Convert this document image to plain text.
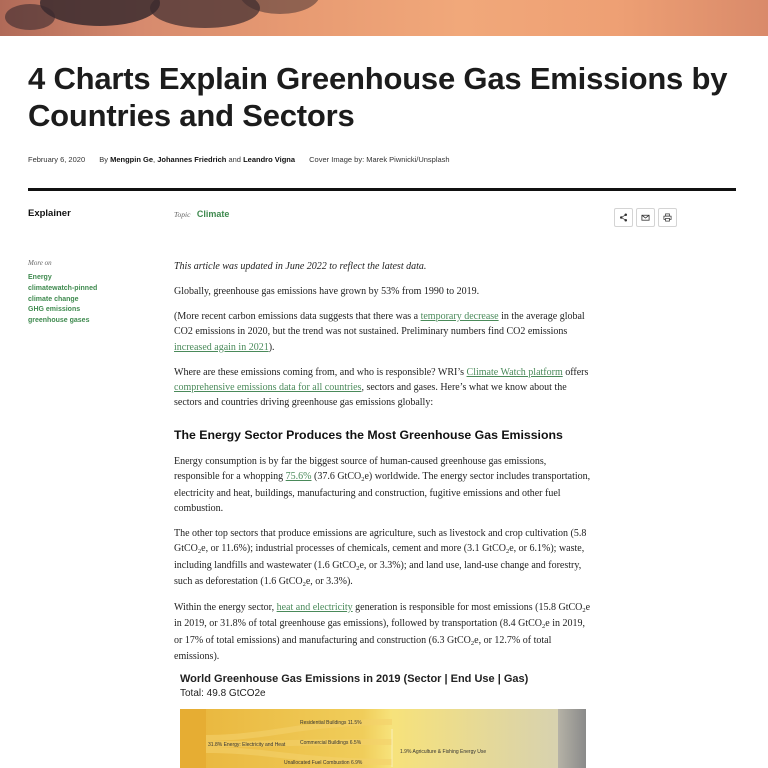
4 Charts Explain Greenhouse Gas Emissions by Countries and Sectors
February 6, 2020 By Mengpin Ge, Johannes Friedrich and Leandro Vigna Cover Image by: Marek Piwnicki/Unsplash
Explainer	Topic Climate
More on
Energy
climatewatch-pinned
climate change
GHG emissions
greenhouse gases

This article was updated in June 2022 to reflect the latest data.

Globally, greenhouse gas emissions have grown by 53% from 1990 to 2019.

(More recent carbon emissions data suggests that there was a temporary decrease in the average global CO2 emissions in 2020, but the trend was not sustained. Preliminary numbers find CO2 emissions increased again in 2021).

Where are these emissions coming from, and who is responsible? WRI’s Climate Watch platform offers comprehensive emissions data for all countries, sectors and gases. Here’s what we know about the sectors and countries driving greenhouse gas emissions globally:

The Energy Sector Produces the Most Greenhouse Gas Emissions

Energy consumption is by far the biggest source of human-caused greenhouse gas emissions, responsible for a whopping 75.6% (37.6 GtCO$_2$e) worldwide. The energy sector includes transportation, electricity and heat, buildings, manufacturing and construction, fugitive emissions and other fuel combustion.

The other top sectors that produce emissions are agriculture, such as livestock and crop cultivation (5.8 GtCO$_2$e, or 11.6%); industrial processes of chemicals, cement and more (3.1 GtCO$_2$e, or 6.1%); waste, including landfills and wastewater (1.6 GtCO$_2$e, or 3.3%); and land use, land-use change and forestry, such as deforestation (1.6 GtCO$_2$e, or 3.3%).

Within the energy sector, heat and electricity generation is responsible for most emissions (15.8 GtCO$_2$e in 2019, or 31.8% of total greenhouse gas emissions), followed by transportation (8.4 GtCO$_2$e in 2019, or 17% of total emissions) and manufacturing and construction (6.3 GtCO$_2$e, or 12.7% of total emissions).

World Greenhouse Gas Emissions in 2019 (Sector | End Use | Gas)
Total: 49.8 GtCO2e
Residential Buildings 11.5%
31.8% Energy: Electricity and Heat	Commercial Buildings 6.5%
Unallocated Fuel Combustion 6.9%
1.9% Agriculture & Fishing Energy Use
